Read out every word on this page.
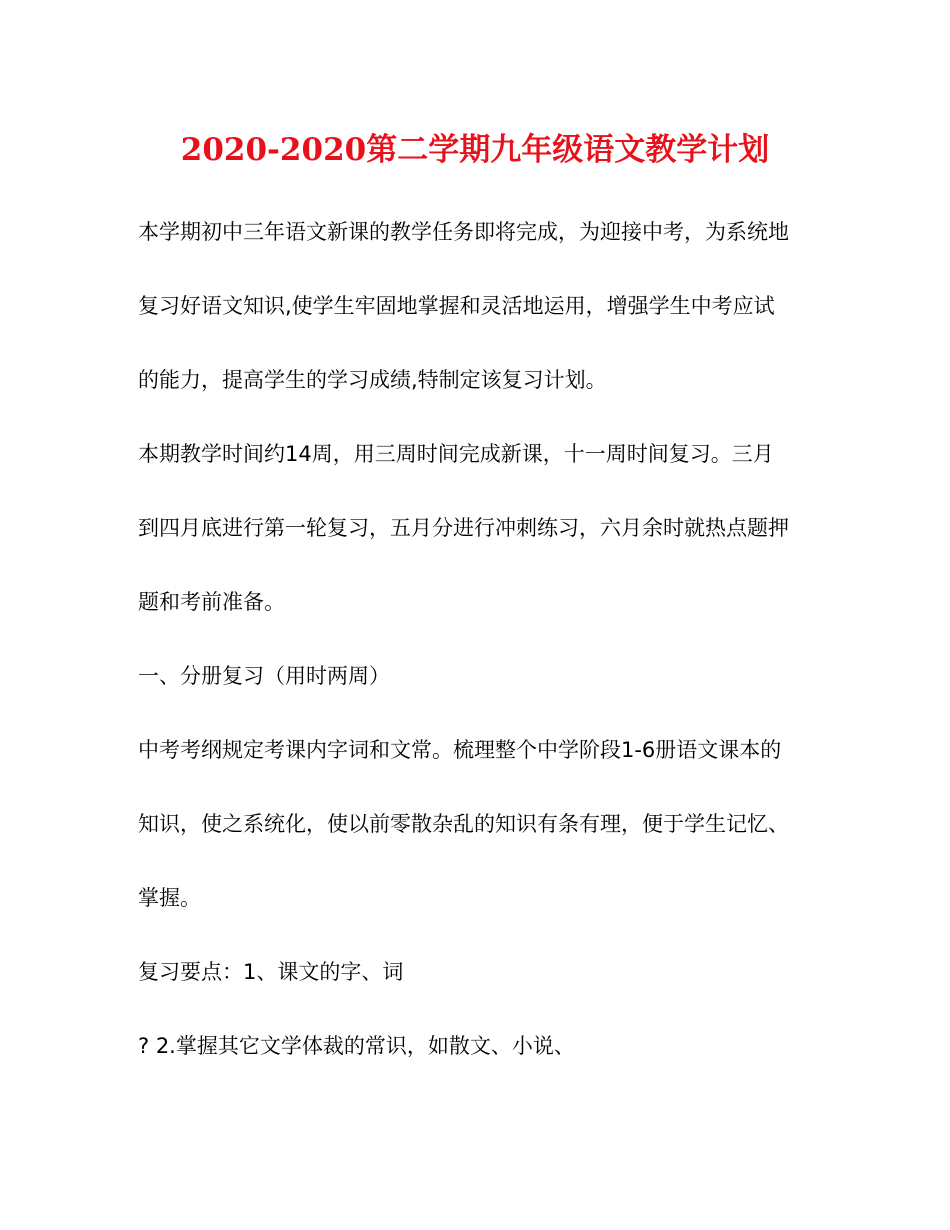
2020-2020第二学期九年级语文教学计划
本学期初中三年语文新课的教学任务即将完成，为迎接中考，为系统地
复习好语文知识,使学生牢固地掌握和灵活地运用，增强学生中考应试
的能力，提高学生的学习成绩,特制定该复习计划。
本期教学时间约14周，用三周时间完成新课，十一周时间复习。三月
到四月底进行第一轮复习，五月分进行冲刺练习，六月余时就热点题押
题和考前准备。
一、分册复习（用时两周）
中考考纲规定考课内字词和文常。梳理整个中学阶段1-6册语文课本的
知识，使之系统化，使以前零散杂乱的知识有条有理，便于学生记忆、
掌握。
复习要点：1、课文的字、词
? 2.掌握其它文学体裁的常识，如散文、小说、
